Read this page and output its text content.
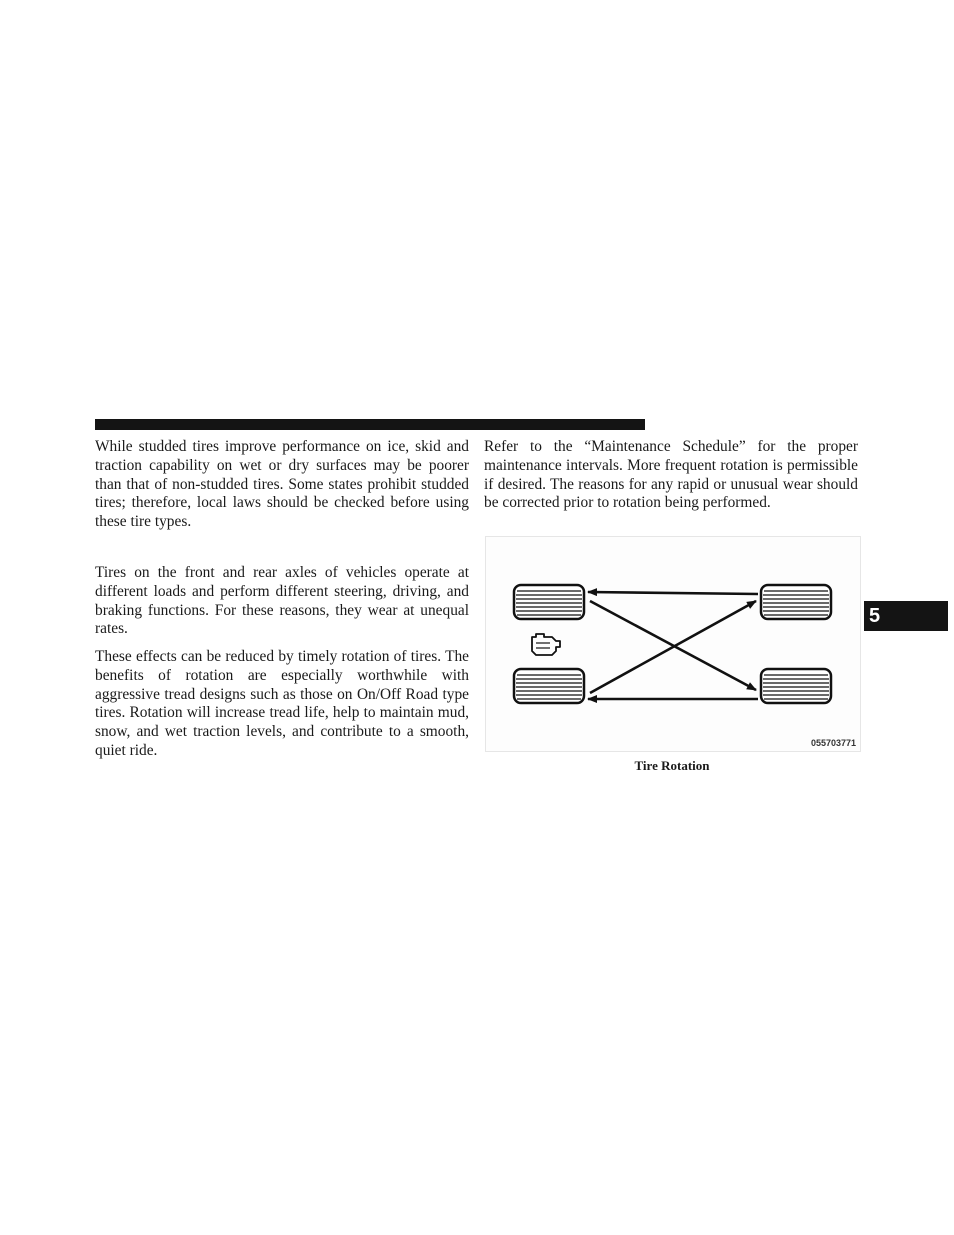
While studded tires improve performance on ice, skid and traction capability on wet or dry surfaces may be poorer than that of non-studded tires. Some states prohibit studded tires; therefore, local laws should be checked before using these tire types.

Tires on the front and rear axles of vehicles operate at different loads and perform different steering, driving, and braking functions. For these reasons, they wear at unequal rates.

These effects can be reduced by timely rotation of tires. The benefits of rotation are especially worthwhile with aggressive tread designs such as those on On/Off Road type tires. Rotation will increase tread life, help to maintain mud, snow, and wet traction levels, and contribute to a smooth, quiet ride.

Refer to the “Maintenance Schedule” for the proper maintenance intervals. More frequent rotation is permissible if desired. The reasons for any rapid or unusual wear should be corrected prior to rotation being performed.

055703771
Tire Rotation
5
